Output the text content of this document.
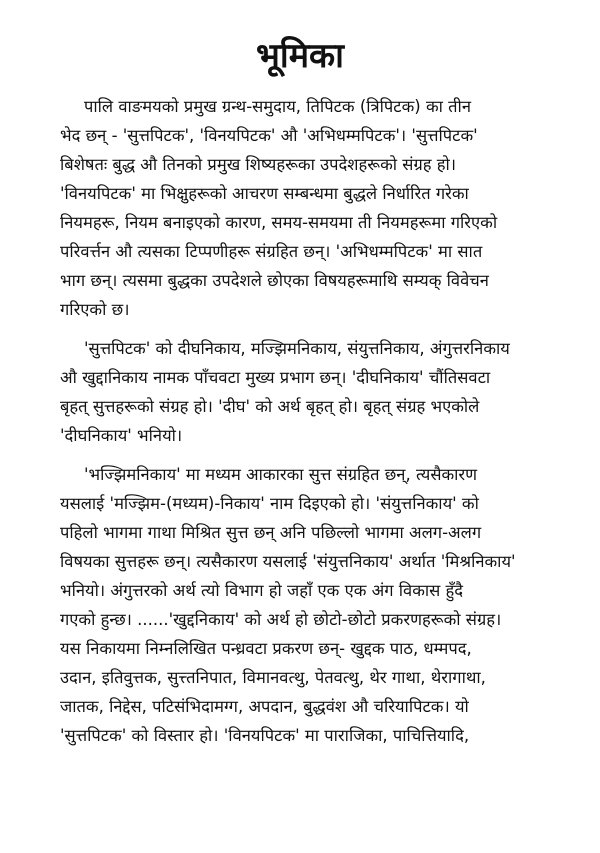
भूमिका
पालि वाङमयको प्रमुख ग्रन्थ-समुदाय, तिपिटक (त्रिपिटक) का तीन
भेद छन् - 'सुत्तपिटक', 'विनयपिटक' औ 'अभिधम्मपिटक'। 'सुत्तपिटक'
बिशेषतः बुद्ध औ तिनको प्रमुख शिष्यहरूका उपदेशहरूको संग्रह हो।
'विनयपिटक' मा भिक्षुहरूको आचरण सम्बन्धमा बुद्धले निर्धारित गरेका
नियमहरू, नियम बनाइएको कारण, समय-समयमा ती नियमहरूमा गरिएको
परिवर्त्तन औ त्यसका टिप्पणीहरू संग्रहित छन्। 'अभिधम्मपिटक' मा सात
भाग छन्। त्यसमा बुद्धका उपदेशले छोएका विषयहरूमाथि सम्यक् विवेचन
गरिएको छ।
'सुत्तपिटक' को दीघनिकाय, मज्झिमनिकाय, संयुत्तनिकाय, अंगुत्तरनिकाय
औ खुद्दानिकाय नामक पाँचवटा मुख्य प्रभाग छन्। 'दीघनिकाय' चौंतिसवटा
बृहत् सुत्तहरूको संग्रह हो। 'दीघ' को अर्थ बृहत् हो। बृहत् संग्रह भएकोले
'दीघनिकाय' भनियो।
'भज्झिमनिकाय' मा मध्यम आकारका सुत्त संग्रहित छन्, त्यसैकारण
यसलाई 'मज्झिम-(मध्यम)-निकाय' नाम दिइएको हो। 'संयुत्तनिकाय' को
पहिलो भागमा गाथा मिश्रित सुत्त छन् अनि पछिल्लो भागमा अलग-अलग
विषयका सुत्तहरू छन्। त्यसैकारण यसलाई 'संयुत्तनिकाय' अर्थात 'मिश्रनिकाय'
भनियो। अंगुत्तरको अर्थ त्यो विभाग हो जहाँ एक एक अंग विकास हुँदै
गएको हुन्छ। ......'खुद्दनिकाय' को अर्थ हो छोटो-छोटो प्रकरणहरूको संग्रह।
यस निकायमा निम्नलिखित पन्ध्रवटा प्रकरण छन्- खुद्दक पाठ, धम्मपद,
उदान, इतिवुत्तक, सुत्त्तनिपात, विमानवत्थु, पेतवत्थु, थेर गाथा, थेरागाथा,
जातक, निद्देस, पटिसंभिदामग्ग, अपदान, बुद्धवंश औ चरियापिटक। यो
'सुत्तपिटक' को विस्तार हो। 'विनयपिटक' मा पाराजिका, पाचित्तियादि,
